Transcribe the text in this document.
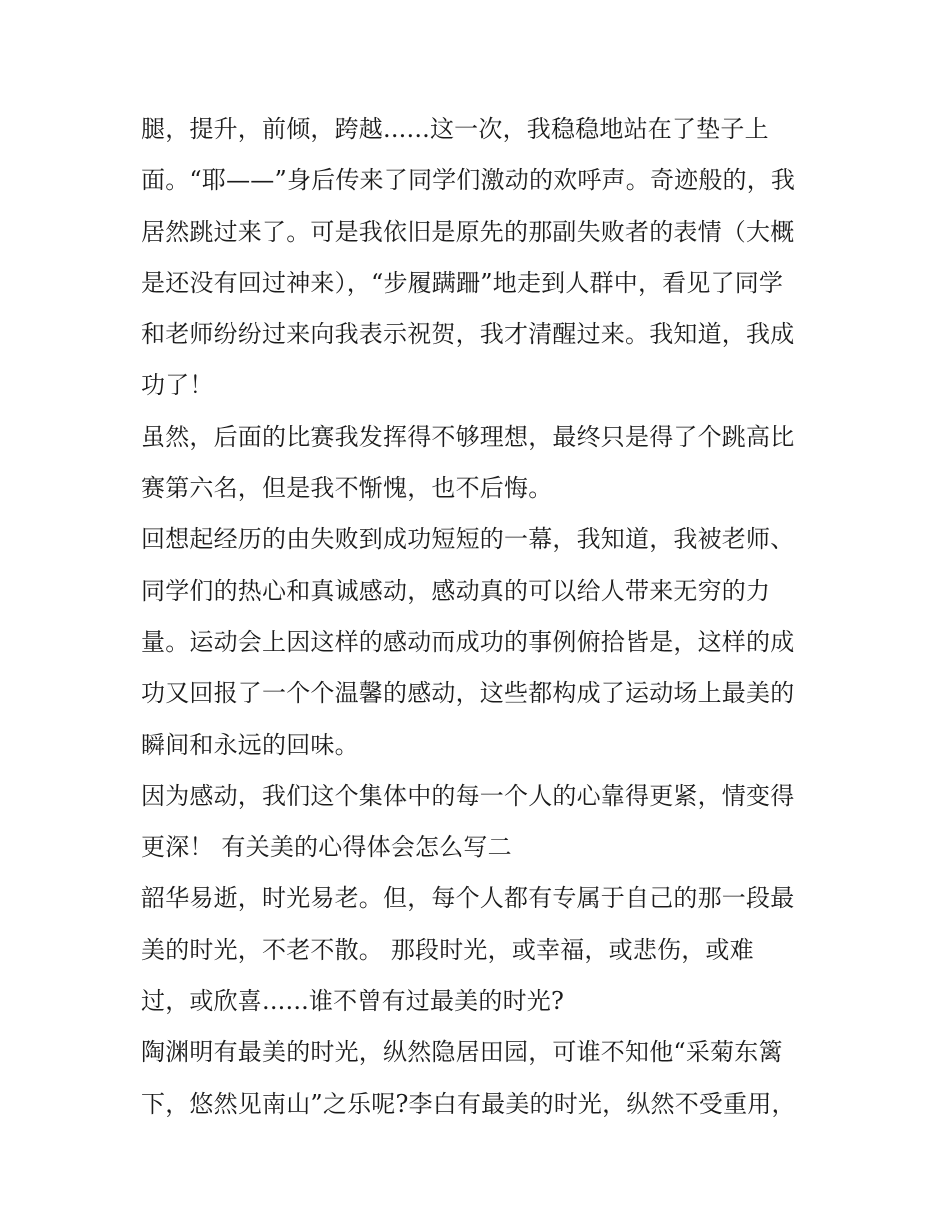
腿，提升，前倾，跨越......这一次，我稳稳地站在了垫子上
面。“耶——”身后传来了同学们激动的欢呼声。奇迹般的，我
居然跳过来了。可是我依旧是原先的那副失败者的表情（大概
是还没有回过神来），“步履蹒跚”地走到人群中，看见了同学
和老师纷纷过来向我表示祝贺，我才清醒过来。我知道，我成
功了！
虽然，后面的比赛我发挥得不够理想，最终只是得了个跳高比
赛第六名，但是我不惭愧，也不后悔。
回想起经历的由失败到成功短短的一幕，我知道，我被老师、
同学们的热心和真诚感动，感动真的可以给人带来无穷的力
量。运动会上因这样的感动而成功的事例俯拾皆是，这样的成
功又回报了一个个温馨的感动，这些都构成了运动场上最美的
瞬间和永远的回味。
因为感动，我们这个集体中的每一个人的心靠得更紧，情变得
更深！ 有关美的心得体会怎么写二
韶华易逝，时光易老。但，每个人都有专属于自己的那一段最
美的时光，不老不散。 那段时光，或幸福，或悲伤，或难
过，或欣喜......谁不曾有过最美的时光?
陶渊明有最美的时光，纵然隐居田园，可谁不知他“采菊东篱
下，悠然见南山”之乐呢?李白有最美的时光，纵然不受重用，
